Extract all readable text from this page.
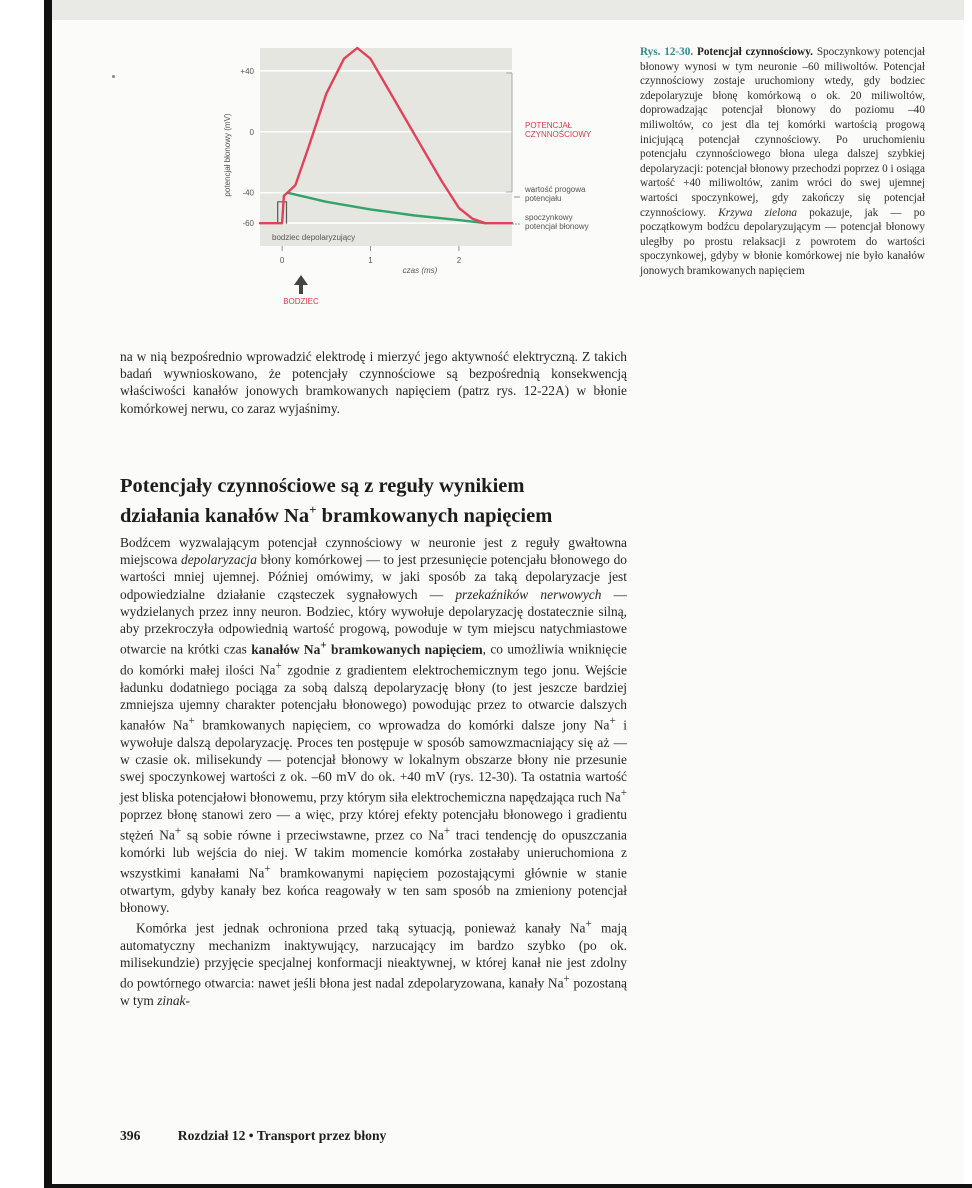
+40
0
-40
-60
0	1	2
potencjał błonowy (mV)
czas (ms)
POTENCJAŁ
CZYNNOŚCIOWY
wartość progowa
potencjału
spoczynkowy
potencjał błonowy
bodziec depolaryzujący
BODZIEC
Rys. 12-30. Potencjał czynnościowy. Spoczynkowy potencjał błonowy wynosi w tym neuronie –60 miliwoltów. Potencjał czynnościowy zostaje uruchomiony wtedy, gdy bodziec zdepolaryzuje błonę komórkową o ok. 20 miliwoltów, doprowadzając potencjał błonowy do poziomu –40 miliwoltów, co jest dla tej komórki wartością progową inicjującą potencjał czynnościowy. Po uruchomieniu potencjału czynnościowego błona ulega dalszej szybkiej depolaryzacji: potencjał błonowy przechodzi poprzez 0 i osiąga wartość +40 miliwoltów, zanim wróci do swej ujemnej wartości spoczynkowej, gdy zakończy się potencjał czynnościowy. Krzywa zielona pokazuje, jak — po początkowym bodźcu depolaryzującym — potencjał błonowy uległby po prostu relaksacji z powrotem do wartości spoczynkowej, gdyby w błonie komórkowej nie było kanałów jonowych bramkowanych napięciem

na w nią bezpośrednio wprowadzić elektrodę i mierzyć jego aktywność elektryczną. Z takich badań wywnioskowano, że potencjały czynnościowe są bezpośrednią konsekwencją właściwości kanałów jonowych bramkowanych napięciem (patrz rys. 12-22A) w błonie komórkowej nerwu, co zaraz wyjaśnimy.

Potencjały czynnościowe są z reguły wynikiem
działania kanałów Na+ bramkowanych napięciem

Bodźcem wyzwalającym potencjał czynnościowy w neuronie jest z reguły gwałtowna miejscowa depolaryzacja błony komórkowej — to jest przesunięcie potencjału błonowego do wartości mniej ujemnej. Później omówimy, w jaki sposób za taką depolaryzacje jest odpowiedzialne działanie cząsteczek sygnałowych — przekaźników nerwowych — wydzielanych przez inny neuron. Bodziec, który wywołuje depolaryzację dostatecznie silną, aby przekroczyła odpowiednią wartość progową, powoduje w tym miejscu natychmiastowe otwarcie na krótki czas kanałów Na+ bramkowanych napięciem, co umożliwia wniknięcie do komórki małej ilości Na+ zgodnie z gradientem elektrochemicznym tego jonu. Wejście ładunku dodatniego pociąga za sobą dalszą depolaryzację błony (to jest jeszcze bardziej zmniejsza ujemny charakter potencjału błonowego) powodując przez to otwarcie dalszych kanałów Na+ bramkowanych napięciem, co wprowadza do komórki dalsze jony Na+ i wywołuje dalszą depolaryzację. Proces ten postępuje w sposób samowzmacniający się aż — w czasie ok. milisekundy — potencjał błonowy w lokalnym obszarze błony nie przesunie swej spoczynkowej wartości z ok. –60 mV do ok. +40 mV (rys. 12-30). Ta ostatnia wartość jest bliska potencjałowi błonowemu, przy którym siła elektrochemiczna napędzająca ruch Na+ poprzez błonę stanowi zero — a więc, przy której efekty potencjału błonowego i gradientu stężeń Na+ są sobie równe i przeciwstawne, przez co Na+ traci tendencję do opuszczania komórki lub wejścia do niej. W takim momencie komórka zostałaby unieruchomiona z wszystkimi kanałami Na+ bramkowanymi napięciem pozostającymi głównie w stanie otwartym, gdyby kanały bez końca reagowały w ten sam sposób na zmieniony potencjał błonowy.

Komórka jest jednak ochroniona przed taką sytuacją, ponieważ kanały Na+ mają automatyczny mechanizm inaktywujący, narzucający im bardzo szybko (po ok. milisekundzie) przyjęcie specjalnej konformacji nieaktywnej, w której kanał nie jest zdolny do powtórnego otwarcia: nawet jeśli błona jest nadal zdepolaryzowana, kanały Na+ pozostaną w tym zinak-

396	Rozdział 12 • Transport przez błony
